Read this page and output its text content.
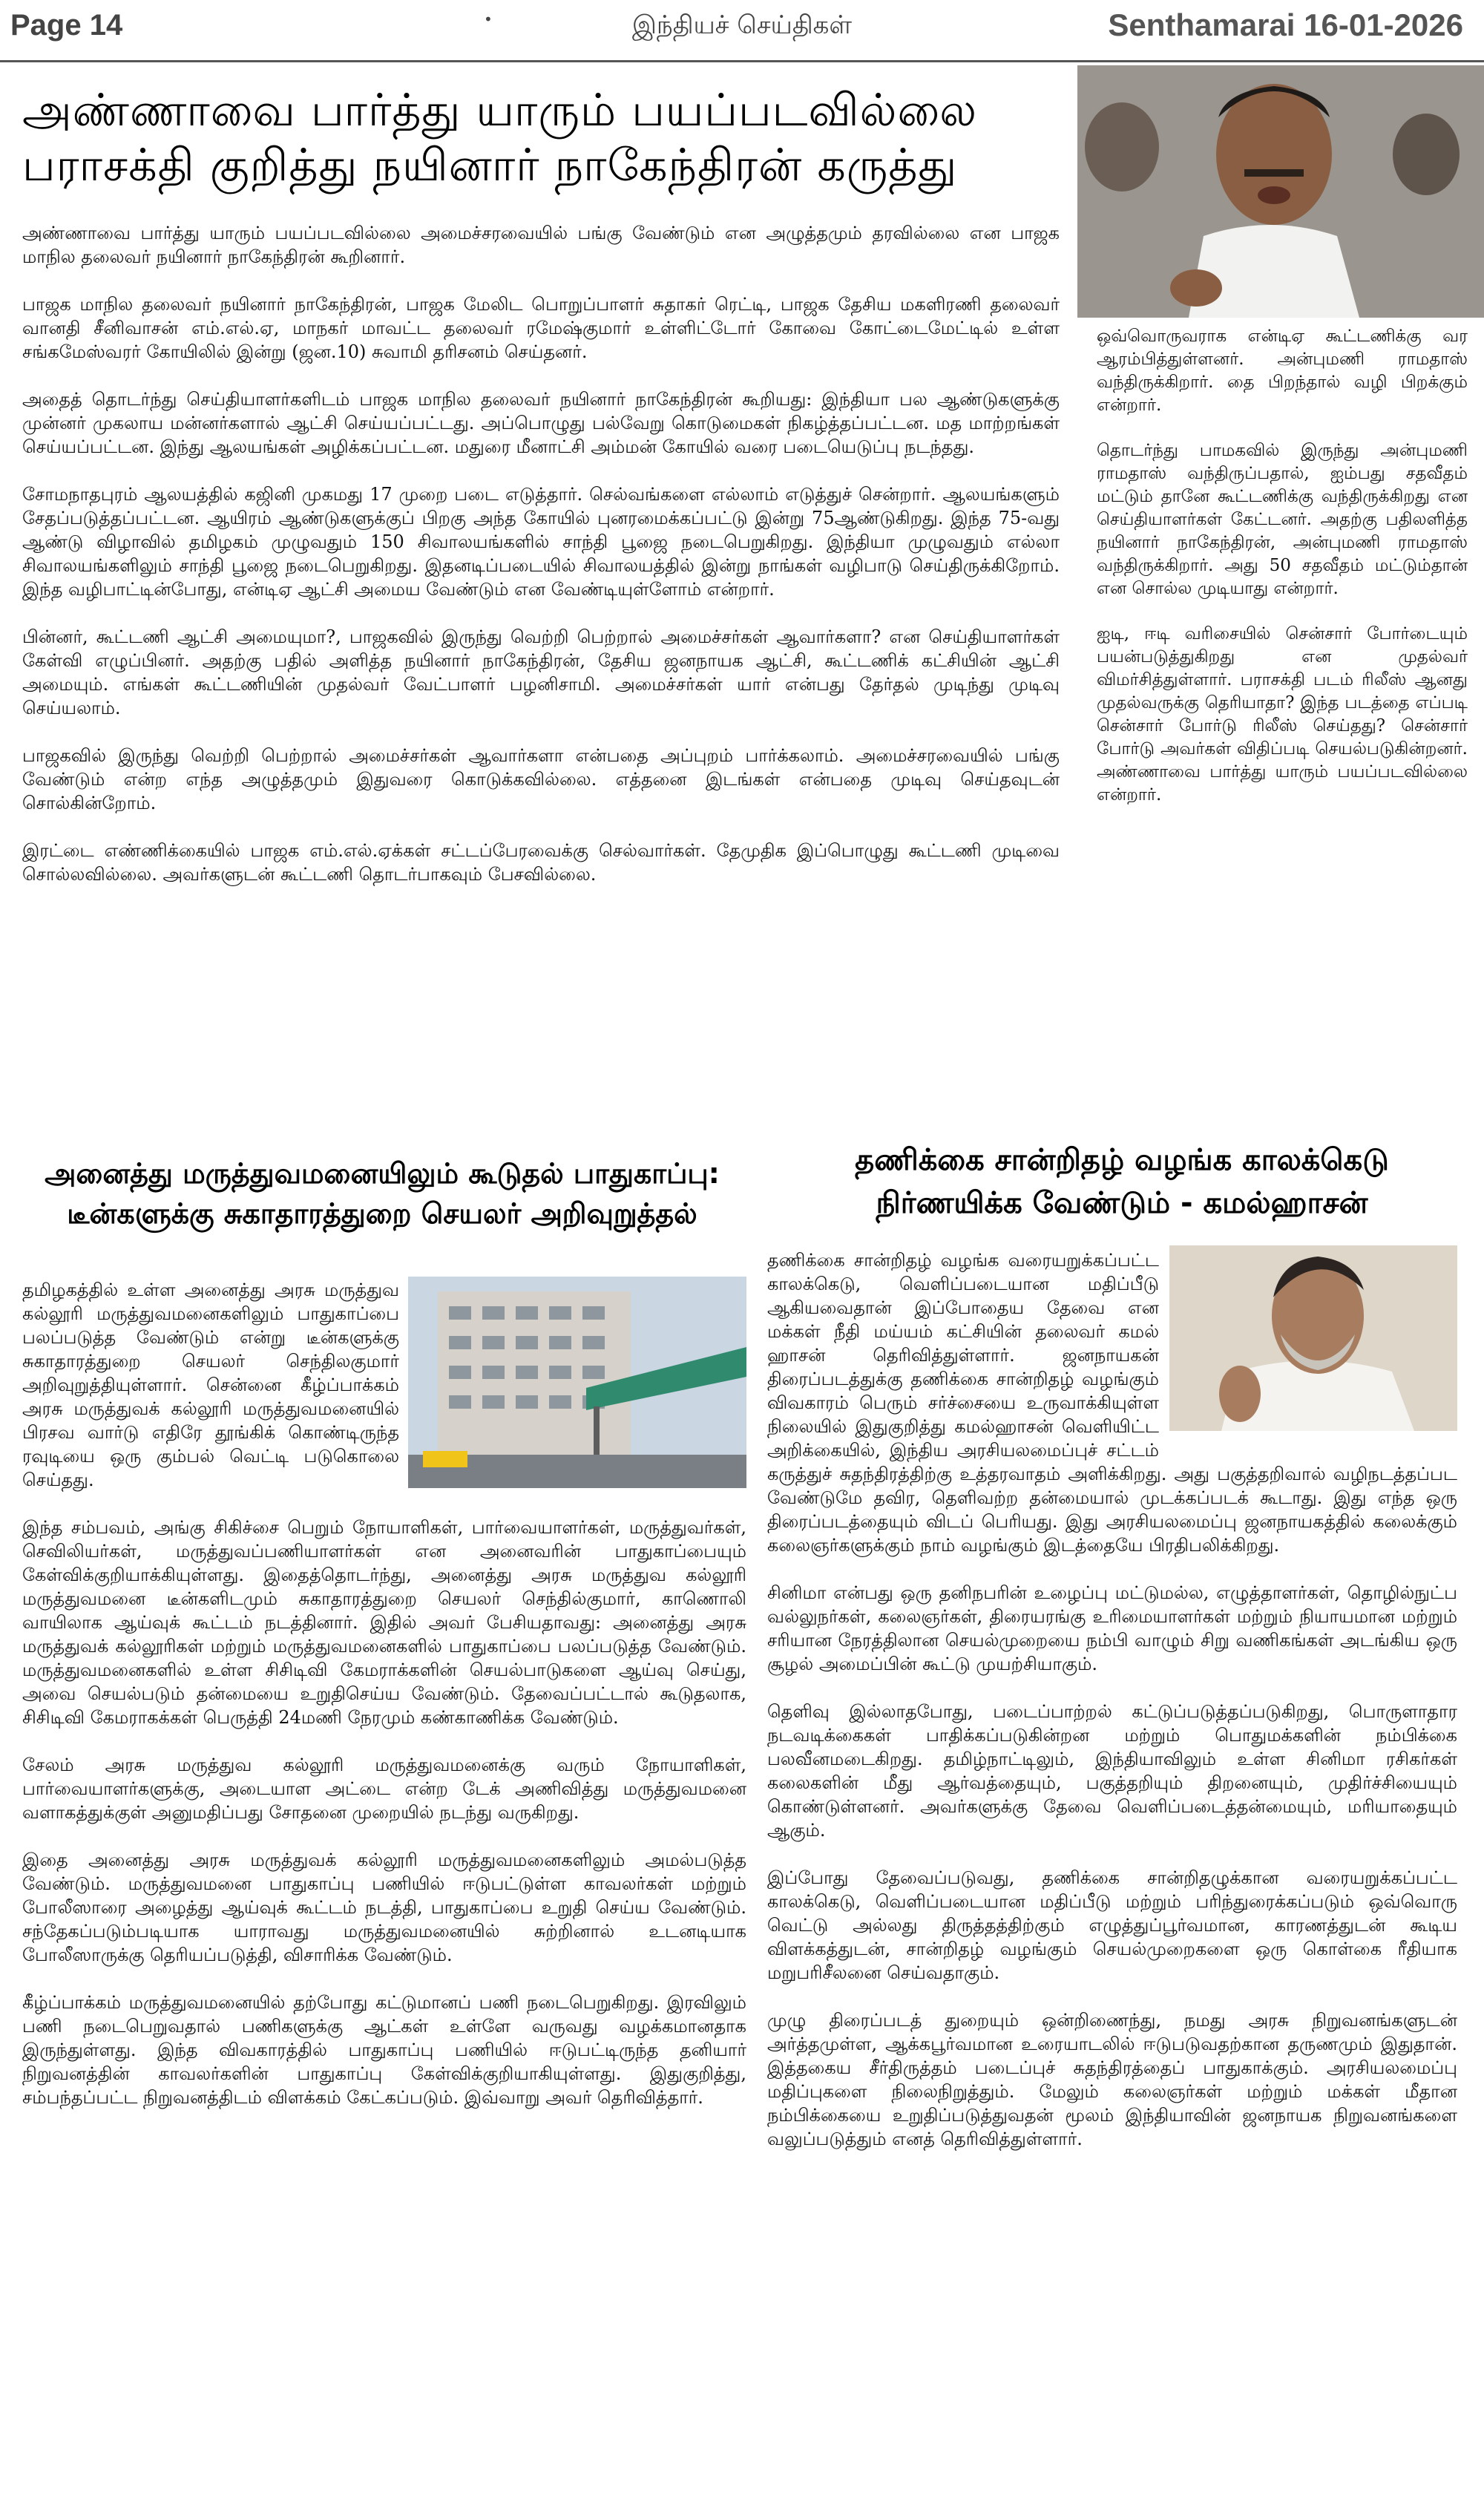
Page 14	•	இந்தியச் செய்திகள்	Senthamarai 16-01-2026
அண்ணாவை பார்த்து யாரும் பயப்படவில்லை
பராசக்தி குறித்து நயினார் நாகேந்திரன் கருத்து

அண்ணாவை பார்த்து யாரும் பயப்படவில்லை அமைச்சரவையில் பங்கு வேண்டும் என அழுத்தமும் தரவில்லை என பாஜக மாநில தலைவர் நயினார் நாகேந்திரன் கூறினார்.

பாஜக மாநில தலைவர் நயினார் நாகேந்திரன், பாஜக மேலிட பொறுப்பாளர் சுதாகர் ரெட்டி, பாஜக தேசிய மகளிரணி தலைவர் வானதி சீனிவாசன் எம்.எல்.ஏ, மாநகர் மாவட்ட தலைவர் ரமேஷ்குமார் உள்ளிட்டோர் கோவை கோட்டைமேட்டில் உள்ள சங்கமேஸ்வரர் கோயிலில் இன்று (ஜன.10) சுவாமி தரிசனம் செய்தனர்.

அதைத் தொடர்ந்து செய்தியாளர்களிடம் பாஜக மாநில தலைவர் நயினார் நாகேந்திரன் கூறியது: இந்தியா பல ஆண்டுகளுக்கு முன்னர் முகலாய மன்னர்களால் ஆட்சி செய்யப்பட்டது. அப்பொழுது பல்வேறு கொடுமைகள் நிகழ்த்தப்பட்டன. மத மாற்றங்கள் செய்யப்பட்டன. இந்து ஆலயங்கள் அழிக்கப்பட்டன. மதுரை மீனாட்சி அம்மன் கோயில் வரை படையெடுப்பு நடந்தது.

சோமநாதபுரம் ஆலயத்தில் கஜினி முகமது 17 முறை படை எடுத்தார். செல்வங்களை எல்லாம் எடுத்துச் சென்றார். ஆலயங்களும் சேதப்படுத்தப்பட்டன. ஆயிரம் ஆண்டுகளுக்குப் பிறகு அந்த கோயில் புனரமைக்கப்பட்டு இன்று 75ஆண்டுகிறது. இந்த 75-வது ஆண்டு விழாவில் தமிழகம் முழுவதும் 150 சிவாலயங்களில் சாந்தி பூஜை நடைபெறுகிறது. இந்தியா முழுவதும் எல்லா சிவாலயங்களிலும் சாந்தி பூஜை நடைபெறுகிறது. இதனடிப்படையில் சிவாலயத்தில் இன்று நாங்கள் வழிபாடு செய்திருக்கிறோம். இந்த வழிபாட்டின்போது, என்டிஏ ஆட்சி அமைய வேண்டும் என வேண்டியுள்ளோம் என்றார்.

பின்னர், கூட்டணி ஆட்சி அமையுமா?, பாஜகவில் இருந்து வெற்றி பெற்றால் அமைச்சர்கள் ஆவார்களா? என செய்தியாளர்கள் கேள்வி எழுப்பினர். அதற்கு பதில் அளித்த நயினார் நாகேந்திரன், தேசிய ஜனநாயக ஆட்சி, கூட்டணிக் கட்சியின் ஆட்சி அமையும். எங்கள் கூட்டணியின் முதல்வர் வேட்பாளர் பழனிசாமி. அமைச்சர்கள் யார் என்பது தேர்தல் முடிந்து முடிவு செய்யலாம்.

பாஜகவில் இருந்து வெற்றி பெற்றால் அமைச்சர்கள் ஆவார்களா என்பதை அப்புறம் பார்க்கலாம். அமைச்சரவையில் பங்கு வேண்டும் என்ற எந்த அழுத்தமும் இதுவரை கொடுக்கவில்லை. எத்தனை இடங்கள் என்பதை முடிவு செய்தவுடன் சொல்கின்றோம்.

இரட்டை எண்ணிக்கையில் பாஜக எம்.எல்.ஏக்கள் சட்டப்பேரவைக்கு செல்வார்கள். தேமுதிக இப்பொழுது கூட்டணி முடிவை சொல்லவில்லை. அவர்களுடன் கூட்டணி தொடர்பாகவும் பேசவில்லை.

ஒவ்வொருவராக என்டிஏ கூட்டணிக்கு வர ஆரம்பித்துள்ளனர். அன்புமணி ராமதாஸ் வந்திருக்கிறார். தை பிறந்தால் வழி பிறக்கும் என்றார்.

தொடர்ந்து பாமகவில் இருந்து அன்புமணி ராமதாஸ் வந்திருப்பதால், ஐம்பது சதவீதம் மட்டும் தானே கூட்டணிக்கு வந்திருக்கிறது என செய்தியாளர்கள் கேட்டனர். அதற்கு பதிலளித்த நயினார் நாகேந்திரன், அன்புமணி ராமதாஸ் வந்திருக்கிறார். அது 50 சதவீதம் மட்டும்தான் என சொல்ல முடியாது என்றார்.

ஐடி, ஈடி வரிசையில் சென்சார் போர்டையும் பயன்படுத்துகிறது என முதல்வர் விமர்சித்துள்ளார். பராசக்தி படம் ரிலீஸ் ஆனது முதல்வருக்கு தெரியாதா? இந்த படத்தை எப்படி சென்சார் போர்டு ரிலீஸ் செய்தது? சென்சார் போர்டு அவர்கள் விதிப்படி செயல்படுகின்றனர். அண்ணாவை பார்த்து யாரும் பயப்படவில்லை என்றார்.

அனைத்து மருத்துவமனையிலும் கூடுதல் பாதுகாப்பு:
டீன்களுக்கு சுகாதாரத்துறை செயலர் அறிவுறுத்தல்

தமிழகத்தில் உள்ள அனைத்து அரசு மருத்துவ கல்லூரி மருத்துவமனைகளிலும் பாதுகாப்பை பலப்படுத்த வேண்டும் என்று டீன்களுக்கு சுகாதாரத்துறை செயலர் செந்திலகுமார் அறிவுறுத்தியுள்ளார். சென்னை கீழ்ப்பாக்கம் அரசு மருத்துவக் கல்லூரி மருத்துவமனையில் பிரசவ வார்டு எதிரே தூங்கிக் கொண்டிருந்த ரவுடியை ஒரு கும்பல் வெட்டி படுகொலை செய்தது.

இந்த சம்பவம், அங்கு சிகிச்சை பெறும் நோயாளிகள், பார்வையாளர்கள், மருத்துவர்கள், செவிலியர்கள், மருத்துவப்பணியாளர்கள் என அனைவரின் பாதுகாப்பையும் கேள்விக்குறியாக்கியுள்ளது. இதைத்தொடர்ந்து, அனைத்து அரசு மருத்துவ கல்லூரி மருத்துவமனை டீன்களிடமும் சுகாதாரத்துறை செயலர் செந்தில்குமார், காணொலி வாயிலாக ஆய்வுக் கூட்டம் நடத்தினார். இதில் அவர் பேசியதாவது: அனைத்து அரசு மருத்துவக் கல்லூரிகள் மற்றும் மருத்துவமனைகளில் பாதுகாப்பை பலப்படுத்த வேண்டும். மருத்துவமனைகளில் உள்ள சிசிடிவி கேமராக்களின் செயல்பாடுகளை ஆய்வு செய்து, அவை செயல்படும் தன்மையை உறுதிசெய்ய வேண்டும். தேவைப்பட்டால் கூடுதலாக, சிசிடிவி கேமராகக்கள் பெருத்தி 24மணி நேரமும் கண்காணிக்க வேண்டும்.

சேலம் அரசு மருத்துவ கல்லூரி மருத்துவமனைக்கு வரும் நோயாளிகள், பார்வையாளர்களுக்கு, அடையாள அட்டை என்ற டேக் அணிவித்து மருத்துவமனை வளாகத்துக்குள் அனுமதிப்பது சோதனை முறையில் நடந்து வருகிறது.

இதை அனைத்து அரசு மருத்துவக் கல்லூரி மருத்துவமனைகளிலும் அமல்படுத்த வேண்டும். மருத்துவமனை பாதுகாப்பு பணியில் ஈடுபட்டுள்ள காவலர்கள் மற்றும் போலீஸாரை அழைத்து ஆய்வுக் கூட்டம் நடத்தி, பாதுகாப்பை உறுதி செய்ய வேண்டும். சந்தேகப்படும்படியாக யாராவது மருத்துவமனையில் சுற்றினால் உடனடியாக போலீஸாருக்கு தெரியப்படுத்தி, விசாரிக்க வேண்டும்.

கீழ்ப்பாக்கம் மருத்துவமனையில் தற்போது கட்டுமானப் பணி நடைபெறுகிறது. இரவிலும் பணி நடைபெறுவதால் பணிகளுக்கு ஆட்கள் உள்ளே வருவது வழக்கமானதாக இருந்துள்ளது. இந்த விவகாரத்தில் பாதுகாப்பு பணியில் ஈடுபட்டிருந்த தனியார் நிறுவனத்தின் காவலர்களின் பாதுகாப்பு கேள்விக்குறியாகியுள்ளது. இதுகுறித்து, சம்பந்தப்பட்ட நிறுவனத்திடம் விளக்கம் கேட்கப்படும். இவ்வாறு அவர் தெரிவித்தார்.

தணிக்கை சான்றிதழ் வழங்க காலக்கெடு
நிர்ணயிக்க வேண்டும் - கமல்ஹாசன்

தணிக்கை சான்றிதழ் வழங்க வரையறுக்கப்பட்ட காலக்கெடு, வெளிப்படையான மதிப்பீடு ஆகியவைதான் இப்போதைய தேவை என மக்கள் நீதி மய்யம் கட்சியின் தலைவர் கமல் ஹாசன் தெரிவித்துள்ளார். ஜனநாயகன் திரைப்படத்துக்கு தணிக்கை சான்றிதழ் வழங்கும் விவகாரம் பெரும் சர்ச்சையை உருவாக்கியுள்ள நிலையில் இதுகுறித்து கமல்ஹாசன் வெளியிட்ட அறிக்கையில், இந்திய அரசியலமைப்புச் சட்டம் கருத்துச் சுதந்திரத்திற்கு உத்தரவாதம் அளிக்கிறது. அது பகுத்தறிவால் வழிநடத்தப்பட வேண்டுமே தவிர, தெளிவற்ற தன்மையால் முடக்கப்படக் கூடாது. இது எந்த ஒரு திரைப்படத்தையும் விடப் பெரியது. இது அரசியலமைப்பு ஜனநாயகத்தில் கலைக்கும் கலைஞர்களுக்கும் நாம் வழங்கும் இடத்தையே பிரதிபலிக்கிறது.

சினிமா என்பது ஒரு தனிநபரின் உழைப்பு மட்டுமல்ல, எழுத்தாளர்கள், தொழில்நுட்ப வல்லுநர்கள், கலைஞர்கள், திரையரங்கு உரிமையாளர்கள் மற்றும் நியாயமான மற்றும் சரியான நேரத்திலான செயல்முறையை நம்பி வாழும் சிறு வணிகங்கள் அடங்கிய ஒரு சூழல் அமைப்பின் கூட்டு முயற்சியாகும்.

தெளிவு இல்லாதபோது, படைப்பாற்றல் கட்டுப்படுத்தப்படுகிறது, பொருளாதார நடவடிக்கைகள் பாதிக்கப்படுகின்றன மற்றும் பொதுமக்களின் நம்பிக்கை பலவீனமடைகிறது. தமிழ்நாட்டிலும், இந்தியாவிலும் உள்ள சினிமா ரசிகர்கள் கலைகளின் மீது ஆர்வத்தையும், பகுத்தறியும் திறனையும், முதிர்ச்சியையும் கொண்டுள்ளனர். அவர்களுக்கு தேவை வெளிப்படைத்தன்மையும், மரியாதையும் ஆகும்.

இப்போது தேவைப்படுவது, தணிக்கை சான்றிதழுக்கான வரையறுக்கப்பட்ட காலக்கெடு, வெளிப்படையான மதிப்பீடு மற்றும் பரிந்துரைக்கப்படும் ஒவ்வொரு வெட்டு அல்லது திருத்தத்திற்கும் எழுத்துப்பூர்வமான, காரணத்துடன் கூடிய விளக்கத்துடன், சான்றிதழ் வழங்கும் செயல்முறைகளை ஒரு கொள்கை ரீதியாக மறுபரிசீலனை செய்வதாகும்.

முழு திரைப்படத் துறையும் ஒன்றிணைந்து, நமது அரசு நிறுவனங்களுடன் அர்த்தமுள்ள, ஆக்கபூர்வமான உரையாடலில் ஈடுபடுவதற்கான தருணமும் இதுதான். இத்தகைய சீர்திருத்தம் படைப்புச் சுதந்திரத்தைப் பாதுகாக்கும். அரசியலமைப்பு மதிப்புகளை நிலைநிறுத்தும். மேலும் கலைஞர்கள் மற்றும் மக்கள் மீதான நம்பிக்கையை உறுதிப்படுத்துவதன் மூலம் இந்தியாவின் ஜனநாயக நிறுவனங்களை வலுப்படுத்தும் எனத் தெரிவித்துள்ளார்.
